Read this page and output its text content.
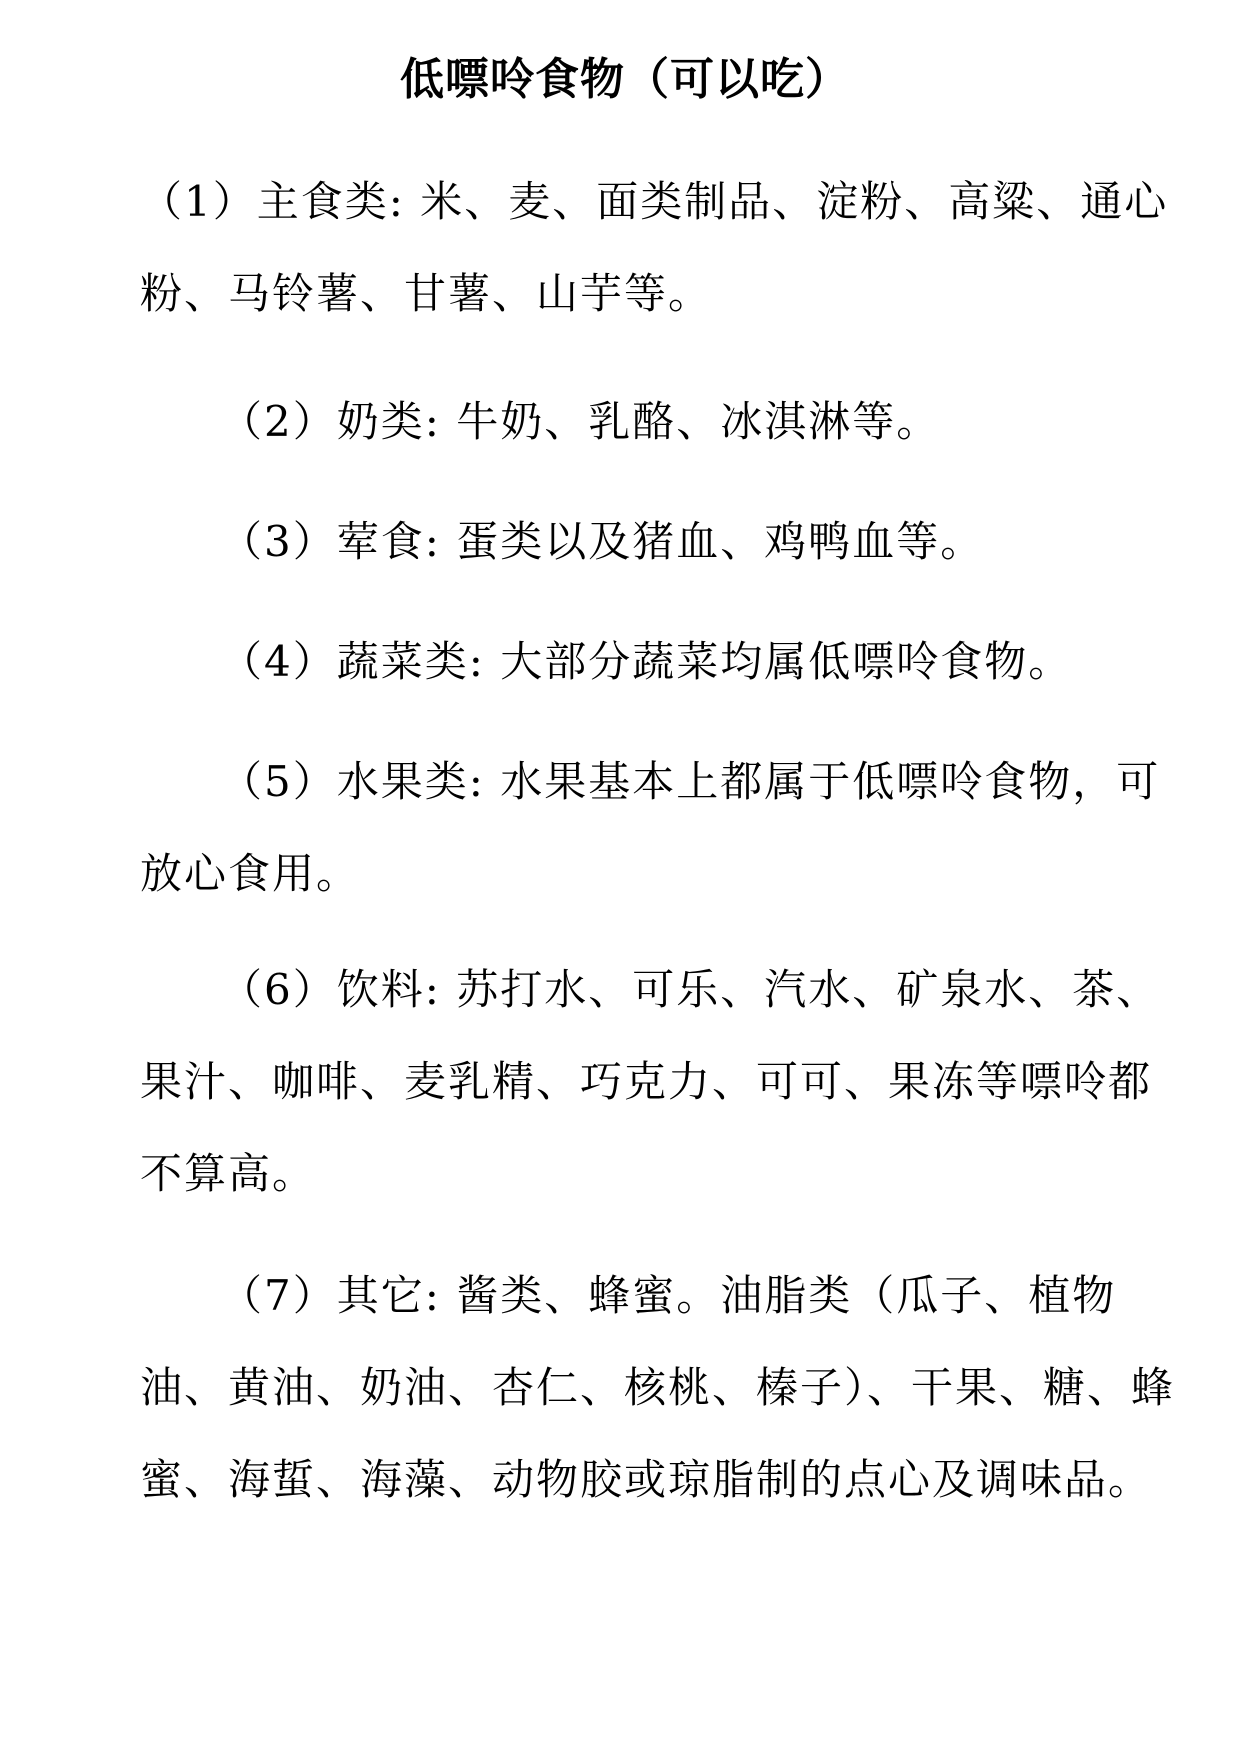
低嘌呤食物（可以吃）

（1）主食类: 米、麦、面类制品、淀粉、高粱、通心粉、马铃薯、甘薯、山芋等。

（2）奶类: 牛奶、乳酪、冰淇淋等。

（3）荤食: 蛋类以及猪血、鸡鸭血等。

（4）蔬菜类: 大部分蔬菜均属低嘌呤食物。

（5）水果类: 水果基本上都属于低嘌呤食物，可放心食用。

（6）饮料: 苏打水、可乐、汽水、矿泉水、茶、果汁、咖啡、麦乳精、巧克力、可可、果冻等嘌呤都不算高。

（7）其它: 酱类、蜂蜜。油脂类（瓜子、植物油、黄油、奶油、杏仁、核桃、榛子）、干果、糖、蜂蜜、海蜇、海藻、动物胶或琼脂制的点心及调味品。
